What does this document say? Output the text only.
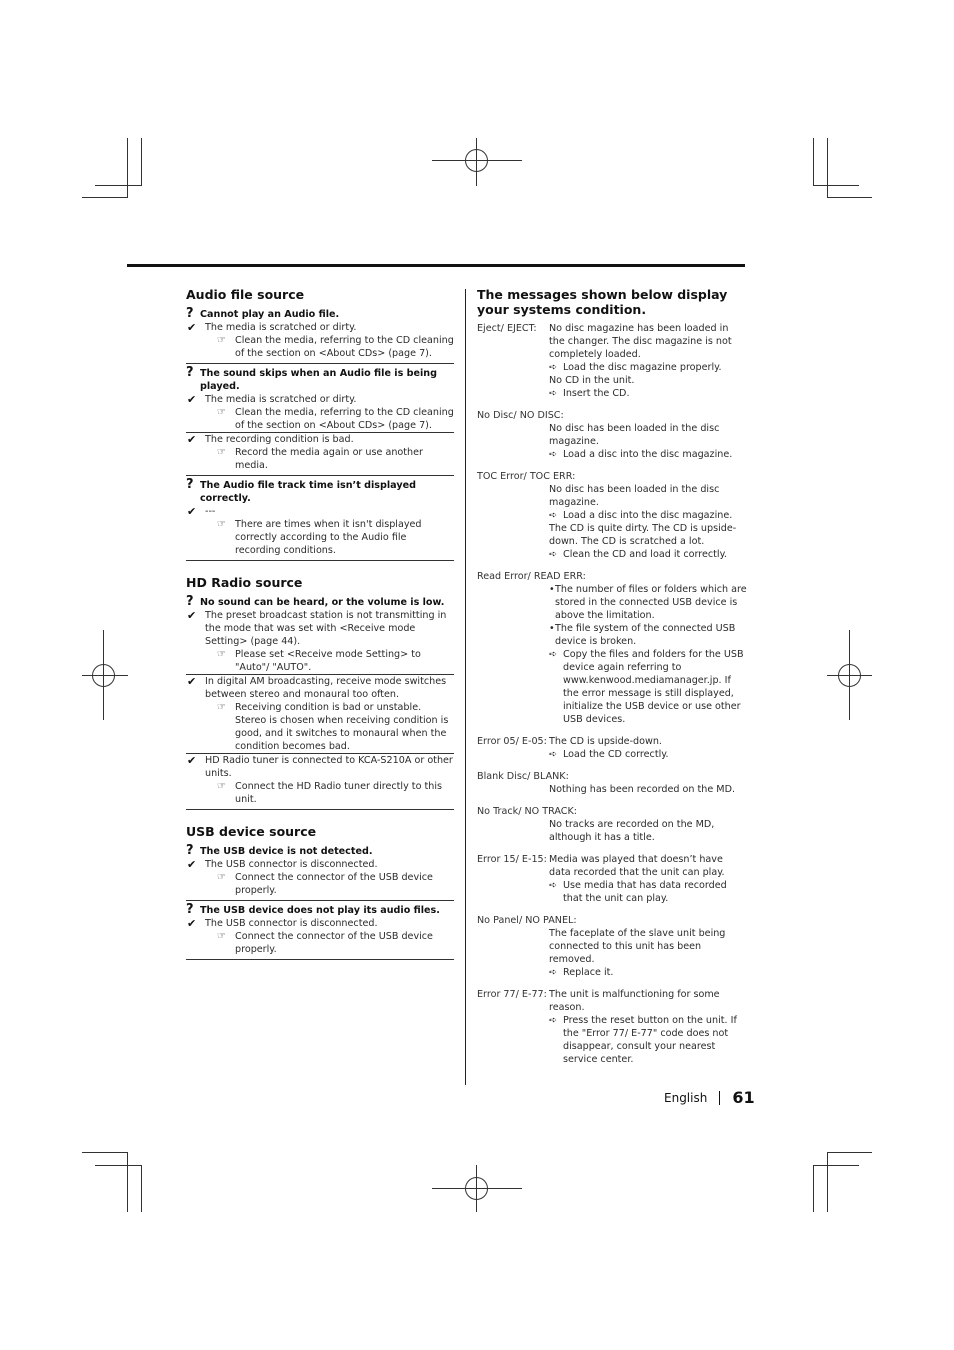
Audio file source
? Cannot play an Audio file.
✔ The media is scratched or dirty.
☞ Clean the media, referring to the CD cleaning of the section on <About CDs> (page 7).
? The sound skips when an Audio file is being played.
✔ The media is scratched or dirty.
☞ Clean the media, referring to the CD cleaning of the section on <About CDs> (page 7).
✔ The recording condition is bad.
☞ Record the media again or use another media.
? The Audio file track time isn’t displayed correctly.
✔ ---
☞ There are times when it isn't displayed correctly according to the Audio file recording conditions.
HD Radio source
? No sound can be heard, or the volume is low.
✔ The preset broadcast station is not transmitting in the mode that was set with <Receive mode Setting> (page 44).
☞ Please set <Receive mode Setting> to "Auto"/ "AUTO".
✔ In digital AM broadcasting, receive mode switches between stereo and monaural too often.
☞ Receiving condition is bad or unstable. Stereo is chosen when receiving condition is good, and it switches to monaural when the condition becomes bad.
✔ HD Radio tuner is connected to KCA-S210A or other units.
☞ Connect the HD Radio tuner directly to this unit.
USB device source
? The USB device is not detected.
✔ The USB connector is disconnected.
☞ Connect the connector of the USB device properly.
? The USB device does not play its audio files.
✔ The USB connector is disconnected.
☞ Connect the connector of the USB device properly.
The messages shown below display your systems condition.
Eject/ EJECT:	No disc magazine has been loaded in the changer. The disc magazine is not completely loaded.
➪ Load the disc magazine properly.
No CD in the unit.
➪ Insert the CD.
No Disc/ NO DISC:
No disc has been loaded in the disc magazine.
➪ Load a disc into the disc magazine.
TOC Error/ TOC ERR:
No disc has been loaded in the disc magazine.
➪ Load a disc into the disc magazine.
The CD is quite dirty. The CD is upside-down. The CD is scratched a lot.
➪ Clean the CD and load it correctly.
Read Error/ READ ERR:
• The number of files or folders which are stored in the connected USB device is above the limitation.
• The file system of the connected USB device is broken.
➪ Copy the files and folders for the USB device again referring to www.kenwood.mediamanager.jp. If the error message is still displayed, initialize the USB device or use other USB devices.
Error 05/ E-05: The CD is upside-down.
➪ Load the CD correctly.
Blank Disc/ BLANK:
Nothing has been recorded on the MD.
No Track/ NO TRACK:
No tracks are recorded on the MD, although it has a title.
Error 15/ E-15: Media was played that doesn’t have data recorded that the unit can play.
➪ Use media that has data recorded that the unit can play.
No Panel/ NO PANEL:
The faceplate of the slave unit being connected to this unit has been removed.
➪ Replace it.
Error 77/ E-77: The unit is malfunctioning for some reason.
➪ Press the reset button on the unit. If the "Error 77/ E-77" code does not disappear, consult your nearest service center.
English 61
